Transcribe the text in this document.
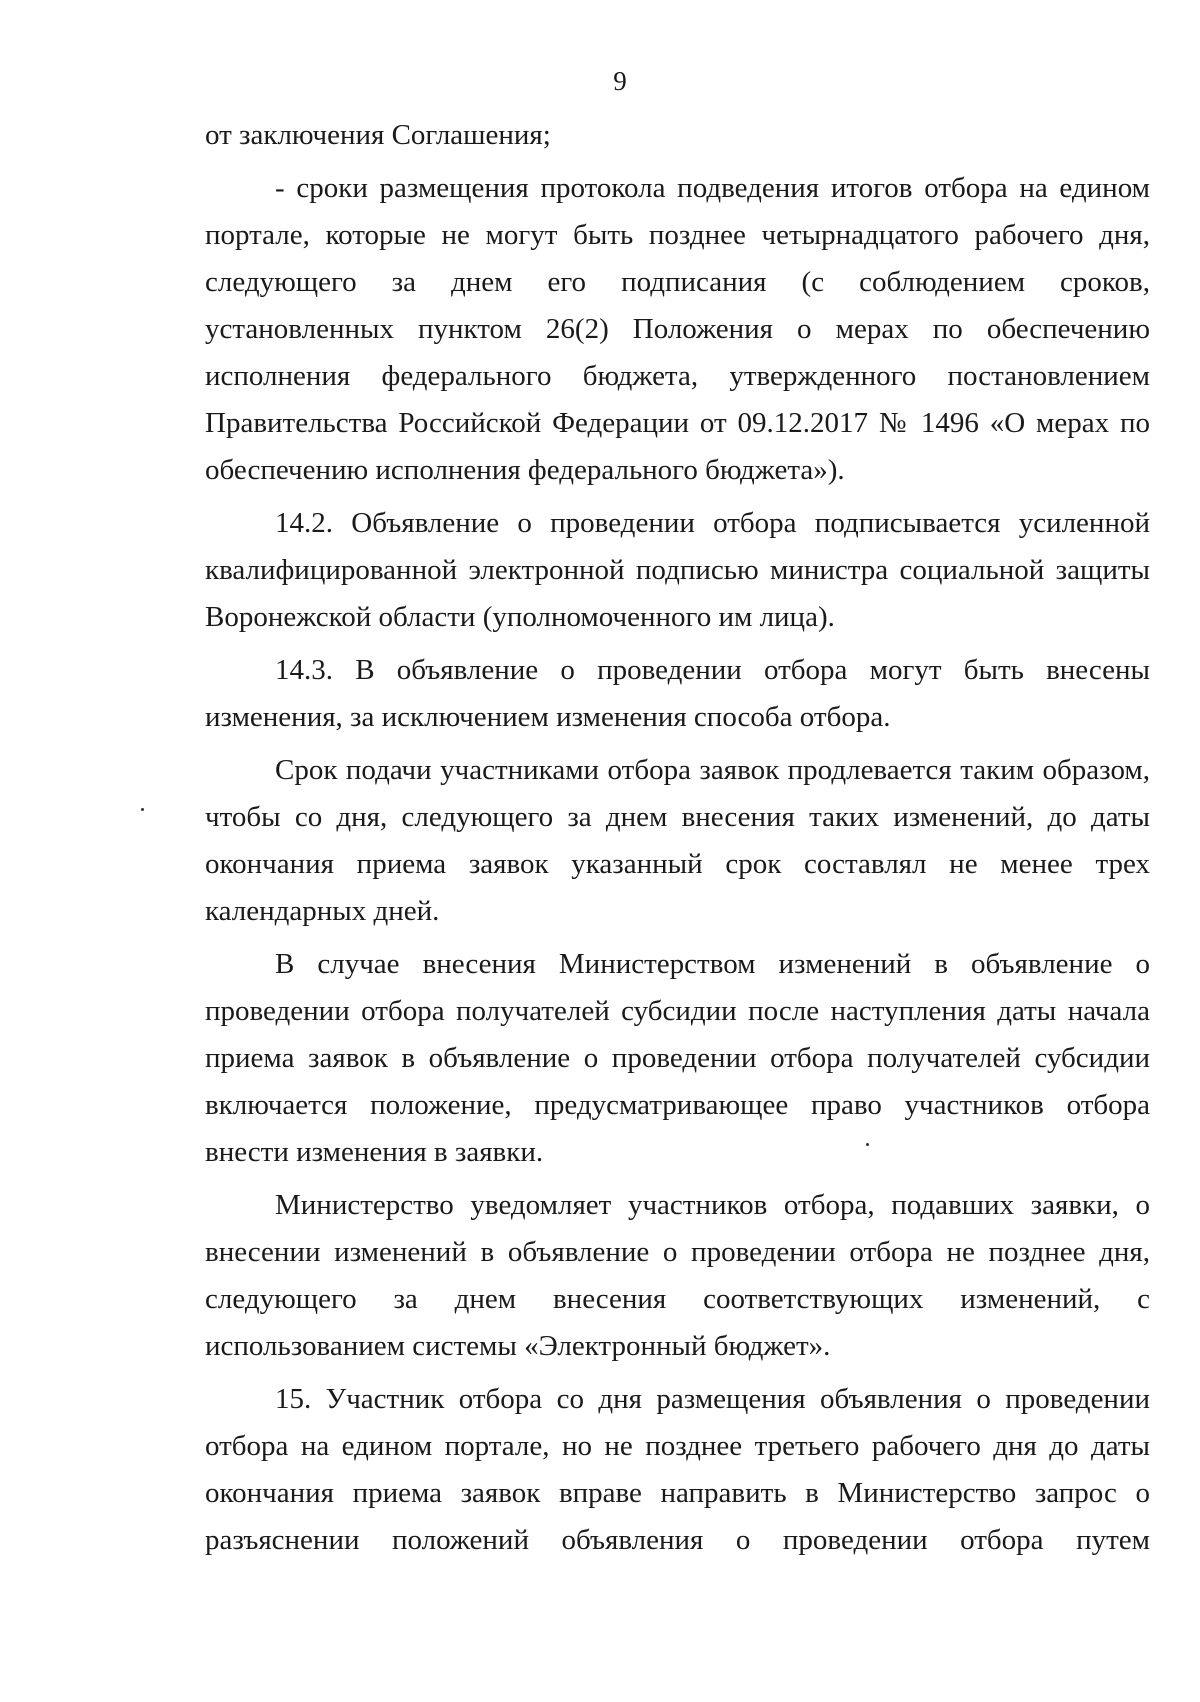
9

от заключения Соглашения;

- сроки размещения протокола подведения итогов отбора на едином портале, которые не могут быть позднее четырнадцатого рабочего дня, следующего за днем его подписания (с соблюдением сроков, установленных пунктом 26(2) Положения о мерах по обеспечению исполнения федерального бюджета, утвержденного постановлением Правительства Российской Федерации от 09.12.2017 № 1496 «О мерах по обеспечению исполнения федерального бюджета»).

14.2. Объявление о проведении отбора подписывается усиленной квалифицированной электронной подписью министра социальной защиты Воронежской области (уполномоченного им лица).

14.3. В объявление о проведении отбора могут быть внесены изменения, за исключением изменения способа отбора.

Срок подачи участниками отбора заявок продлевается таким образом, чтобы со дня, следующего за днем внесения таких изменений, до даты окончания приема заявок указанный срок составлял не менее трех календарных дней.

В случае внесения Министерством изменений в объявление о проведении отбора получателей субсидии после наступления даты начала приема заявок в объявление о проведении отбора получателей субсидии включается положение, предусматривающее право участников отбора внести изменения в заявки.

Министерство уведомляет участников отбора, подавших заявки, о внесении изменений в объявление о проведении отбора не позднее дня, следующего за днем внесения соответствующих изменений, с использованием системы «Электронный бюджет».

15. Участник отбора со дня размещения объявления о проведении отбора на едином портале, но не позднее третьего рабочего дня до даты окончания приема заявок вправе направить в Министерство запрос о разъяснении положений объявления о проведении отбора путем
